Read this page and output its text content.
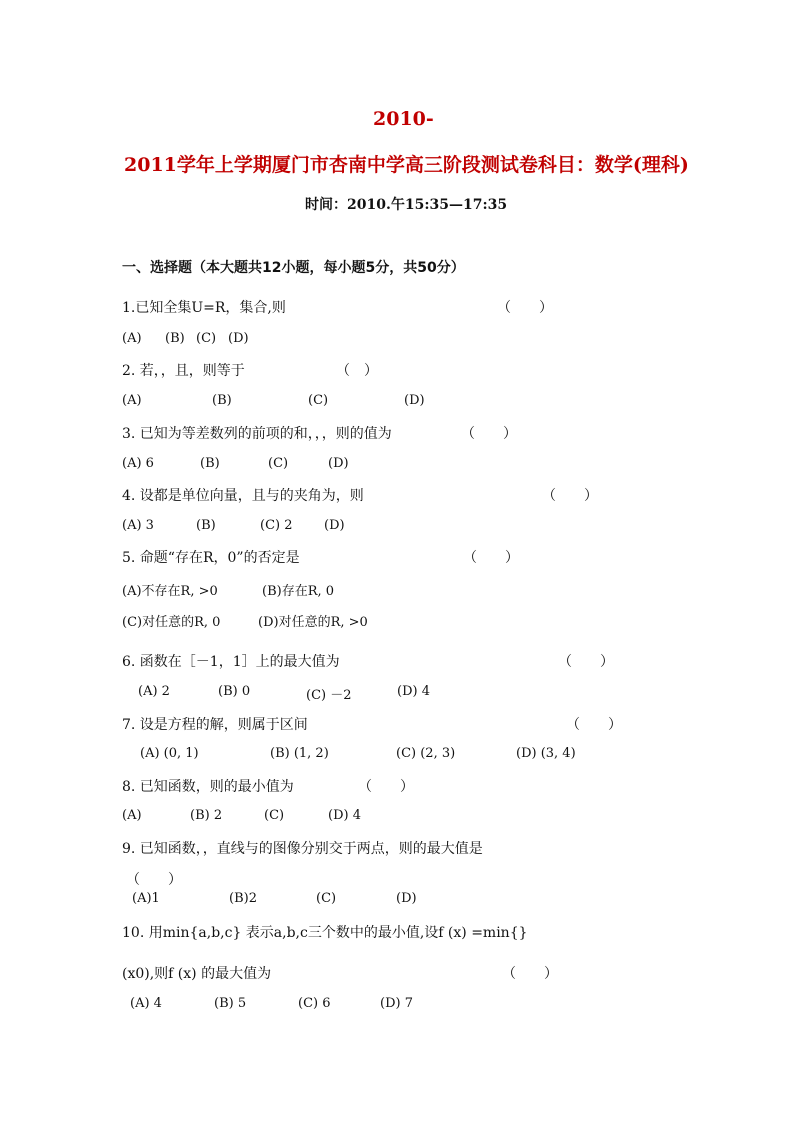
2010-
2011学年上学期厦门市杏南中学高三阶段测试卷科目：数学(理科)
时间：2010.午15:35—17:35
一、选择题（本大题共12小题，每小题5分，共50分）
1.已知全集U=R，集合,则	（　　）
(A) (B) (C) (D)
2. 若，，且，则等于	（　）
(A)	(B)	(C)	(D)
3. 已知为等差数列的前项的和，，，则的值为	（　　）
(A) 6	(B)	(C)	(D)
4. 设都是单位向量，且与的夹角为，则	（　　）
(A) 3	(B)	(C) 2 (D)
5. 命题“存在R，0”的否定是	（　　）
(A)不存在R, >0	(B)存在R, 0
(C)对任意的R, 0	(D)对任意的R, >0
6. 函数在［－1，1］上的最大值为	（　　）
(A) 2	(B) 0	(C) －2	(D) 4
7. 设是方程的解，则属于区间	（　　）
(A) (0, 1)	(B) (1, 2)	(C) (2, 3)	(D) (3, 4)
8. 已知函数，则的最小值为	（　　）
(A)	(B) 2	(C)	(D) 4
9. 已知函数，，直线与的图像分别交于两点，则的最大值是
（　　）
(A)1	(B)2	(C)	(D)
10. 用min{a,b,c} 表示a,b,c三个数中的最小值,设f (x) =min{}
(x0),则f (x) 的最大值为	（　　）
(A) 4	(B) 5	(C) 6	(D) 7
